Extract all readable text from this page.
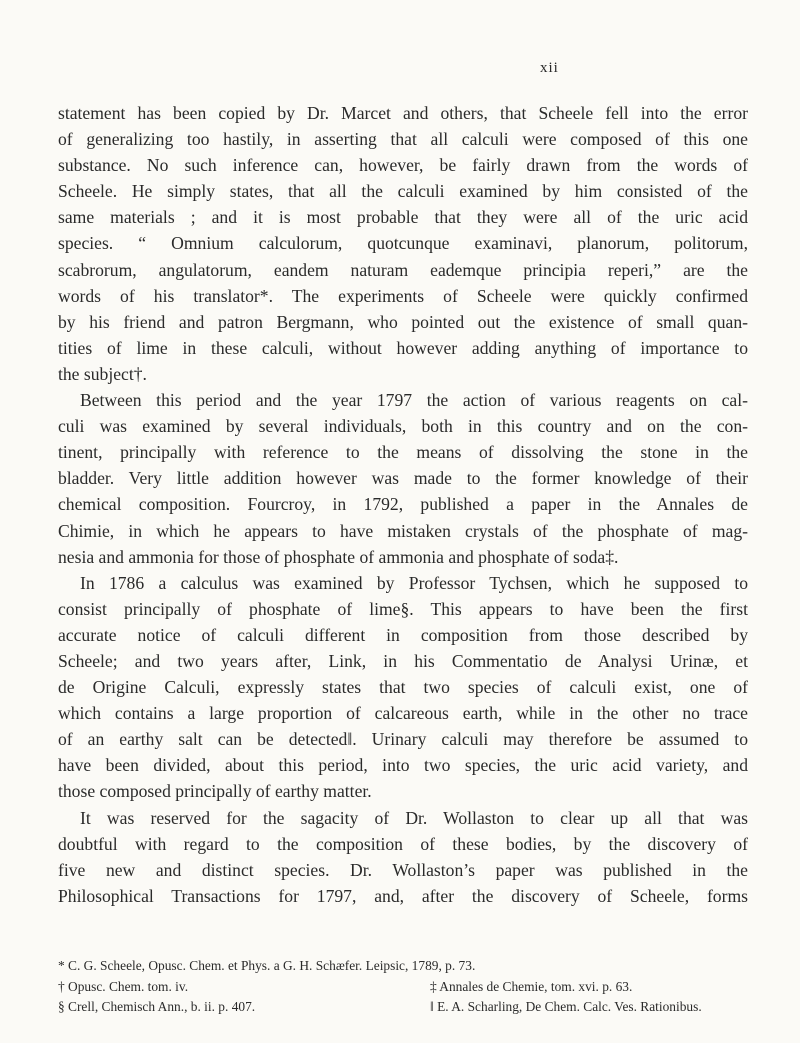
xii
statement has been copied by Dr. Marcet and others, that Scheele fell into the error
of generalizing too hastily, in asserting that all calculi were composed of this one
substance. No such inference can, however, be fairly drawn from the words of
Scheele. He simply states, that all the calculi examined by him consisted of the
same materials ; and it is most probable that they were all of the uric acid
species. “ Omnium calculorum, quotcunque examinavi, planorum, politorum,
scabrorum, angulatorum, eandem naturam eademque principia reperi,” are the
words of his translator*. The experiments of Scheele were quickly confirmed
by his friend and patron Bergmann, who pointed out the existence of small quan-
tities of lime in these calculi, without however adding anything of importance to
the subject†.
Between this period and the year 1797 the action of various reagents on cal-
culi was examined by several individuals, both in this country and on the con-
tinent, principally with reference to the means of dissolving the stone in the
bladder. Very little addition however was made to the former knowledge of their
chemical composition. Fourcroy, in 1792, published a paper in the Annales de
Chimie, in which he appears to have mistaken crystals of the phosphate of mag-
nesia and ammonia for those of phosphate of ammonia and phosphate of soda‡.
In 1786 a calculus was examined by Professor Tychsen, which he supposed to
consist principally of phosphate of lime§. This appears to have been the first
accurate notice of calculi different in composition from those described by
Scheele; and two years after, Link, in his Commentatio de Analysi Urinæ, et
de Origine Calculi, expressly states that two species of calculi exist, one of
which contains a large proportion of calcareous earth, while in the other no trace
of an earthy salt can be detected‖. Urinary calculi may therefore be assumed to
have been divided, about this period, into two species, the uric acid variety, and
those composed principally of earthy matter.
It was reserved for the sagacity of Dr. Wollaston to clear up all that was
doubtful with regard to the composition of these bodies, by the discovery of
five new and distinct species. Dr. Wollaston’s paper was published in the
Philosophical Transactions for 1797, and, after the discovery of Scheele, forms
* C. G. Scheele, Opusc. Chem. et Phys. a G. H. Schæfer. Leipsic, 1789, p. 73.
† Opusc. Chem. tom. iv.	‡ Annales de Chemie, tom. xvi. p. 63.
§ Crell, Chemisch Ann., b. ii. p. 407.	‖ E. A. Scharling, De Chem. Calc. Ves. Rationibus.
